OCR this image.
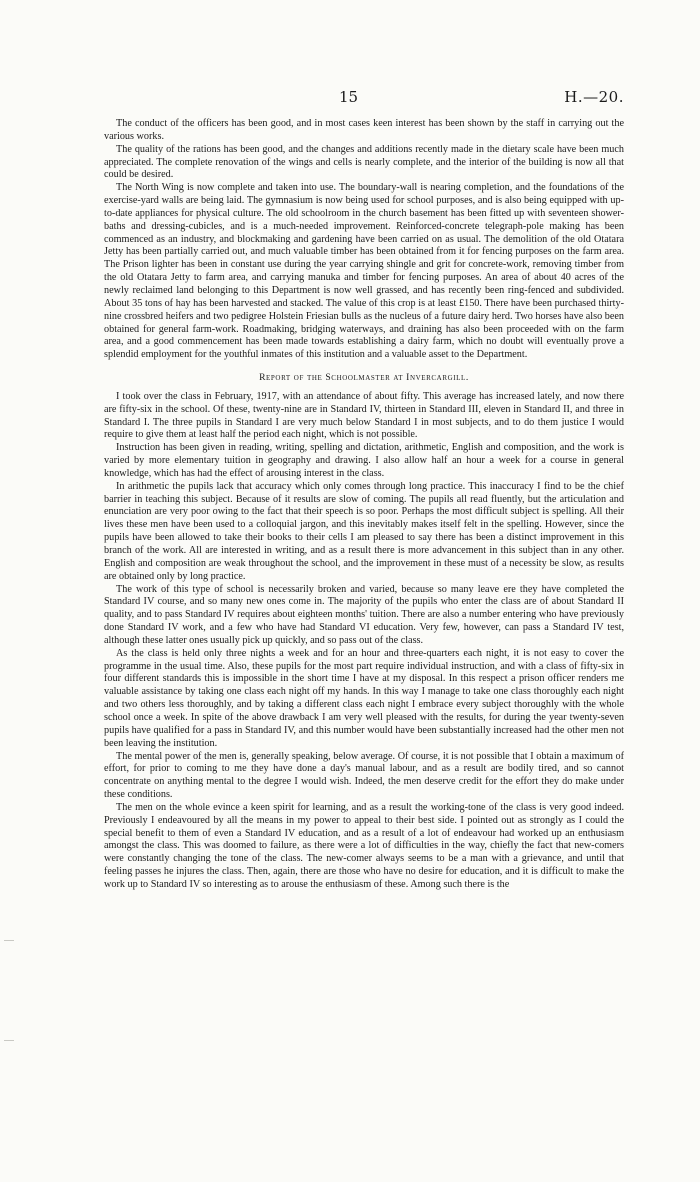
15	H.—20.

The conduct of the officers has been good, and in most cases keen interest has been shown by the staff in carrying out the various works.

The quality of the rations has been good, and the changes and additions recently made in the dietary scale have been much appreciated. The complete renovation of the wings and cells is nearly complete, and the interior of the building is now all that could be desired.

The North Wing is now complete and taken into use. The boundary-wall is nearing completion, and the foundations of the exercise-yard walls are being laid. The gymnasium is now being used for school purposes, and is also being equipped with up-to-date appliances for physical culture. The old schoolroom in the church basement has been fitted up with seventeen shower-baths and dressing-cubicles, and is a much-needed improvement. Reinforced-concrete telegraph-pole making has been commenced as an industry, and blockmaking and gardening have been carried on as usual. The demolition of the old Otatara Jetty has been partially carried out, and much valuable timber has been obtained from it for fencing purposes on the farm area. The Prison lighter has been in constant use during the year carrying shingle and grit for concrete-work, removing timber from the old Otatara Jetty to farm area, and carrying manuka and timber for fencing purposes. An area of about 40 acres of the newly reclaimed land belonging to this Department is now well grassed, and has recently been ring-fenced and subdivided. About 35 tons of hay has been harvested and stacked. The value of this crop is at least £150. There have been purchased thirty-nine crossbred heifers and two pedigree Holstein Friesian bulls as the nucleus of a future dairy herd. Two horses have also been obtained for general farm-work. Roadmaking, bridging waterways, and draining has also been proceeded with on the farm area, and a good commencement has been made towards establishing a dairy farm, which no doubt will eventually prove a splendid employment for the youthful inmates of this institution and a valuable asset to the Department.

Report of the Schoolmaster at Invercargill.

I took over the class in February, 1917, with an attendance of about fifty. This average has increased lately, and now there are fifty-six in the school. Of these, twenty-nine are in Standard IV, thirteen in Standard III, eleven in Standard II, and three in Standard I. The three pupils in Standard I are very much below Standard I in most subjects, and to do them justice I would require to give them at least half the period each night, which is not possible.

Instruction has been given in reading, writing, spelling and dictation, arithmetic, English and composition, and the work is varied by more elementary tuition in geography and drawing. I also allow half an hour a week for a course in general knowledge, which has had the effect of arousing interest in the class.

In arithmetic the pupils lack that accuracy which only comes through long practice. This inaccuracy I find to be the chief barrier in teaching this subject. Because of it results are slow of coming. The pupils all read fluently, but the articulation and enunciation are very poor owing to the fact that their speech is so poor. Perhaps the most difficult subject is spelling. All their lives these men have been used to a colloquial jargon, and this inevitably makes itself felt in the spelling. However, since the pupils have been allowed to take their books to their cells I am pleased to say there has been a distinct improvement in this branch of the work. All are interested in writing, and as a result there is more advancement in this subject than in any other. English and composition are weak throughout the school, and the improvement in these must of a necessity be slow, as results are obtained only by long practice.

The work of this type of school is necessarily broken and varied, because so many leave ere they have completed the Standard IV course, and so many new ones come in. The majority of the pupils who enter the class are of about Standard II quality, and to pass Standard IV requires about eighteen months' tuition. There are also a number entering who have previously done Standard IV work, and a few who have had Standard VI education. Very few, however, can pass a Standard IV test, although these latter ones usually pick up quickly, and so pass out of the class.

As the class is held only three nights a week and for an hour and three-quarters each night, it is not easy to cover the programme in the usual time. Also, these pupils for the most part require individual instruction, and with a class of fifty-six in four different standards this is impossible in the short time I have at my disposal. In this respect a prison officer renders me valuable assistance by taking one class each night off my hands. In this way I manage to take one class thoroughly each night and two others less thoroughly, and by taking a different class each night I embrace every subject thoroughly with the whole school once a week. In spite of the above drawback I am very well pleased with the results, for during the year twenty-seven pupils have qualified for a pass in Standard IV, and this number would have been substantially increased had the other men not been leaving the institution.

The mental power of the men is, generally speaking, below average. Of course, it is not possible that I obtain a maximum of effort, for prior to coming to me they have done a day's manual labour, and as a result are bodily tired, and so cannot concentrate on anything mental to the degree I would wish. Indeed, the men deserve credit for the effort they do make under these conditions.

The men on the whole evince a keen spirit for learning, and as a result the working-tone of the class is very good indeed. Previously I endeavoured by all the means in my power to appeal to their best side. I pointed out as strongly as I could the special benefit to them of even a Standard IV education, and as a result of a lot of endeavour had worked up an enthusiasm amongst the class. This was doomed to failure, as there were a lot of difficulties in the way, chiefly the fact that new-comers were constantly changing the tone of the class. The new-comer always seems to be a man with a grievance, and until that feeling passes he injures the class. Then, again, there are those who have no desire for education, and it is difficult to make the work up to Standard IV so interesting as to arouse the enthusiasm of these. Among such there is the
